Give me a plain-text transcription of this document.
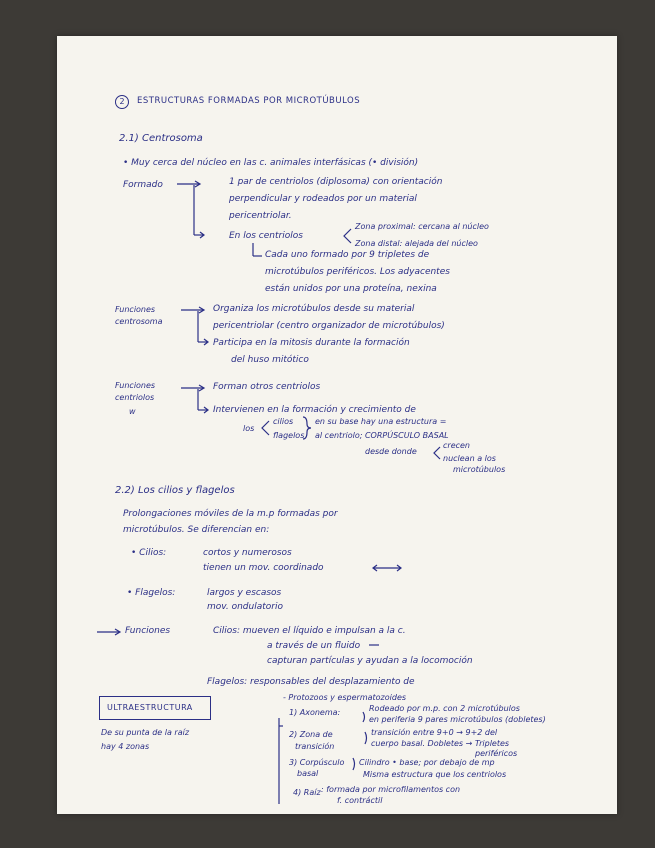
2	ESTRUCTURAS FORMADAS POR MICROTÚBULOS
2.1) Centrosoma
• Muy cerca del núcleo en las c. animales interfásicas (• división)
Formado	1 par de centriolos (diplosoma) con orientación
perpendicular y rodeados por un material
pericentriolar.
En los centriolos
Zona proximal: cercana al núcleo
Zona distal: alejada del núcleo
Cada uno formado por 9 tripletes de
microtúbulos periféricos. Los adyacentes
están unidos por una proteína, nexina
Funciones
centrosoma
Organiza los microtúbulos desde su material
pericentriolar (centro organizador de microtúbulos)
Participa en la mitosis durante la formación
del huso mitótico
Funciones
centriolos
w
Forman otros centriolos
Intervienen en la formación y crecimiento de
los
cilios
flagelos
en su base hay una estructura =
al centriolo; CORPÚSCULO BASAL
desde donde
crecen
nuclean a los
microtúbulos
2.2) Los cilios y flagelos
Prolongaciones móviles de la m.p formadas por
microtúbulos. Se diferencian en:
• Cilios:	cortos y numerosos
tienen un mov. coordinado
• Flagelos:	largos y escasos
mov. ondulatorio
Funciones	Cilios: mueven el líquido e impulsan a la c.
a través de un fluido
capturan partículas y ayudan a la locomoción
Flagelos: responsables del desplazamiento de
- Protozoos y espermatozoides
ULTRAESTRUCTURA
De su punta de la raíz
hay 4 zonas
1) Axonema:	Rodeado por m.p. con 2 microtúbulos
en periferia 9 pares microtúbulos (dobletes)
2) Zona de
transición
transición entre 9+0 → 9+2 del
cuerpo basal. Dobletes → Tripletes
periféricos
3) Corpúsculo
basal
Cilindro • base; por debajo de mp
Misma estructura que los centriolos
4) Raíz : formada por microfilamentos con
f. contráctil
